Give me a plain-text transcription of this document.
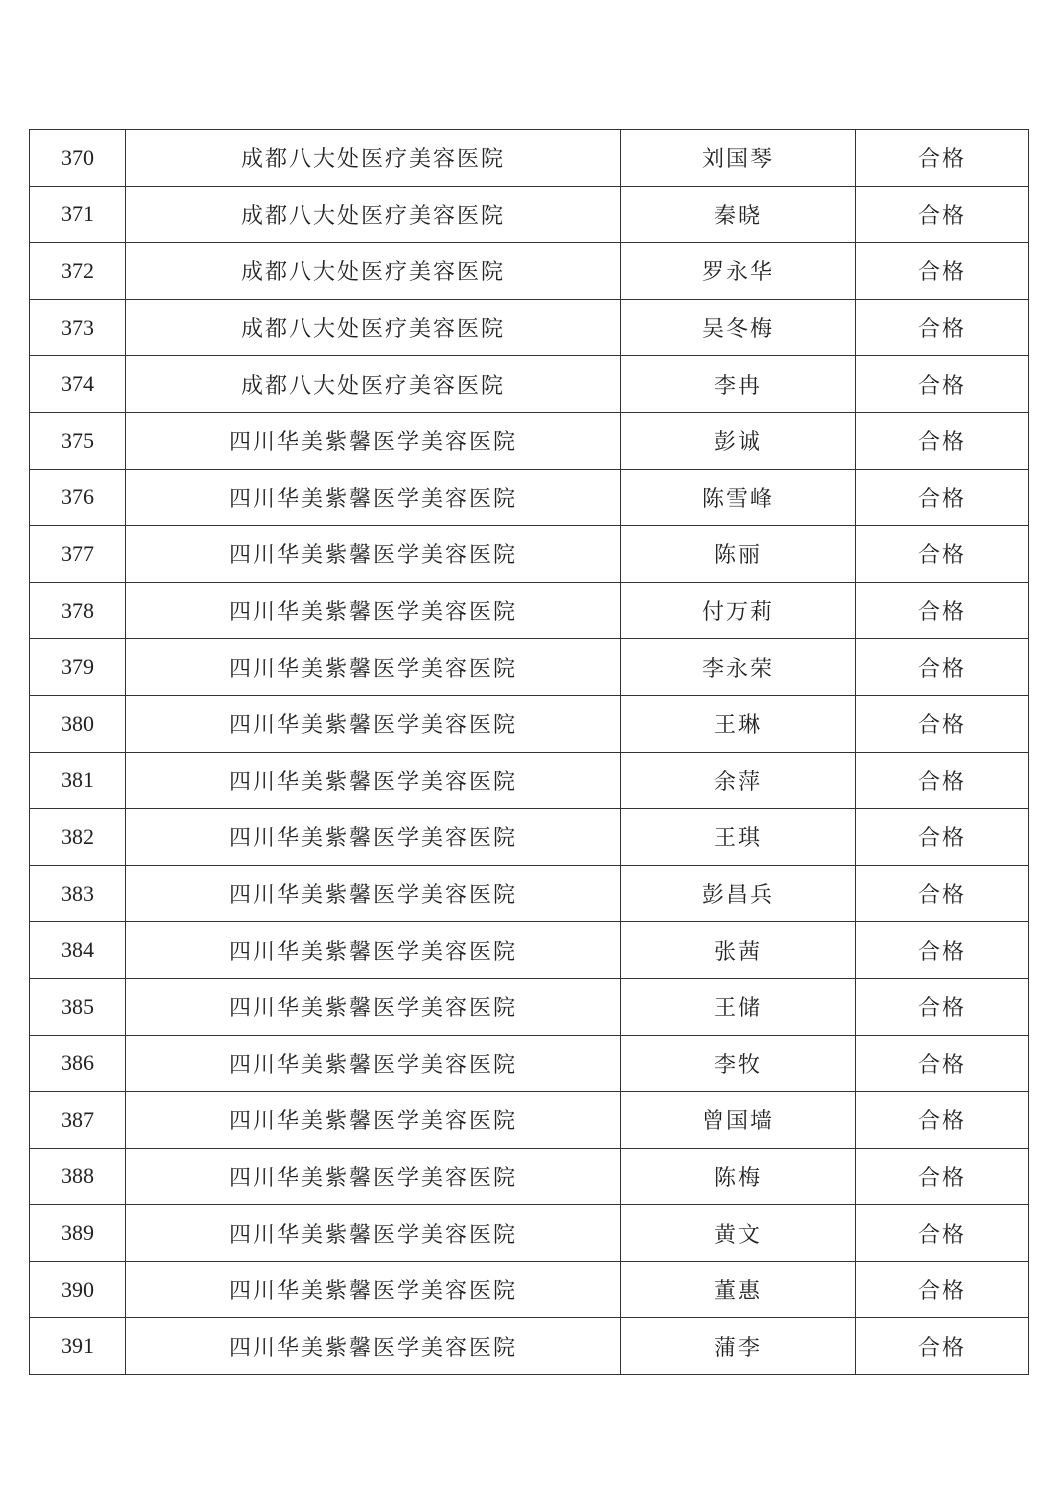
370	成都八大处医疗美容医院	刘国琴	合格
371	成都八大处医疗美容医院	秦晓	合格
372	成都八大处医疗美容医院	罗永华	合格
373	成都八大处医疗美容医院	吴冬梅	合格
374	成都八大处医疗美容医院	李冉	合格
375	四川华美紫馨医学美容医院	彭诚	合格
376	四川华美紫馨医学美容医院	陈雪峰	合格
377	四川华美紫馨医学美容医院	陈丽	合格
378	四川华美紫馨医学美容医院	付万莉	合格
379	四川华美紫馨医学美容医院	李永荣	合格
380	四川华美紫馨医学美容医院	王琳	合格
381	四川华美紫馨医学美容医院	余萍	合格
382	四川华美紫馨医学美容医院	王琪	合格
383	四川华美紫馨医学美容医院	彭昌兵	合格
384	四川华美紫馨医学美容医院	张茜	合格
385	四川华美紫馨医学美容医院	王储	合格
386	四川华美紫馨医学美容医院	李牧	合格
387	四川华美紫馨医学美容医院	曾国墙	合格
388	四川华美紫馨医学美容医院	陈梅	合格
389	四川华美紫馨医学美容医院	黄文	合格
390	四川华美紫馨医学美容医院	董惠	合格
391	四川华美紫馨医学美容医院	蒲李	合格
